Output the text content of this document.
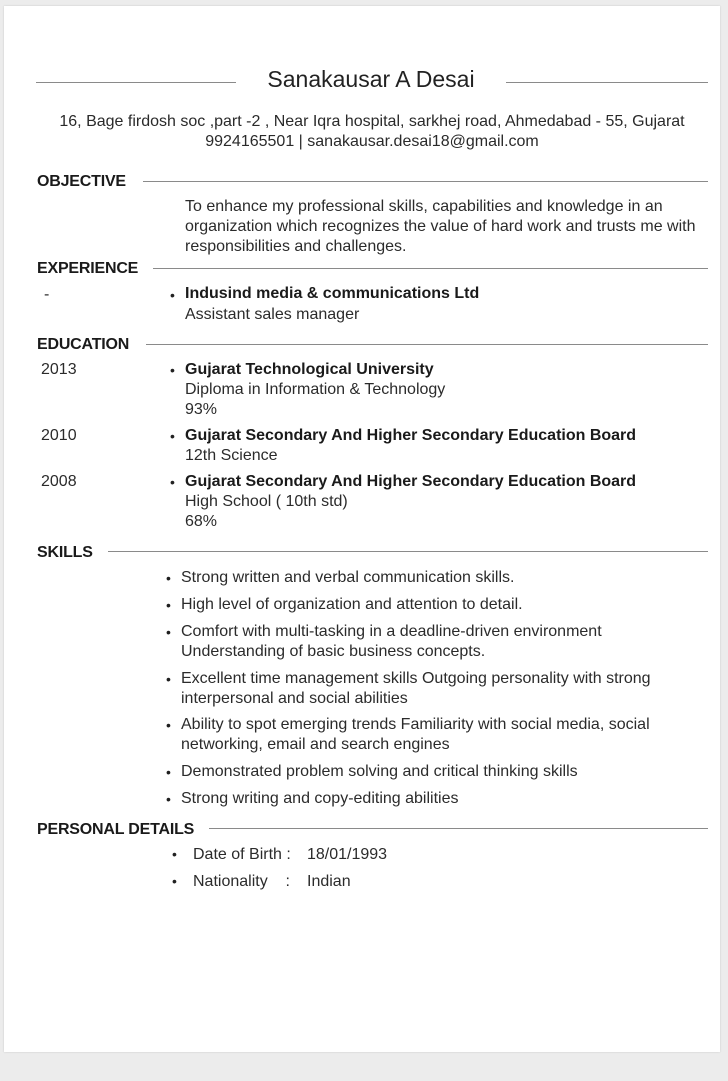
Sanakausar A Desai
16, Bage firdosh soc ,part -2 , Near Iqra hospital, sarkhej road, Ahmedabad - 55, Gujarat
9924165501 | sanakausar.desai18@gmail.com
OBJECTIVE
To enhance my professional skills, capabilities and knowledge in an organization which recognizes the value of hard work and trusts me with responsibilities and challenges.
EXPERIENCE
-	• Indusind media & communications Ltd
Assistant sales manager
EDUCATION
2013	• Gujarat Technological University
Diploma in Information & Technology
93%
2010	• Gujarat Secondary And Higher Secondary Education Board
12th Science
2008	• Gujarat Secondary And Higher Secondary Education Board
High School ( 10th std)
68%
SKILLS
• Strong written and verbal communication skills.
• High level of organization and attention to detail.
• Comfort with multi-tasking in a deadline-driven environment Understanding of basic business concepts.
• Excellent time management skills Outgoing personality with strong interpersonal and social abilities
• Ability to spot emerging trends Familiarity with social media, social networking, email and search engines
• Demonstrated problem solving and critical thinking skills
• Strong writing and copy-editing abilities
PERSONAL DETAILS
• Date of Birth : 18/01/1993
• Nationality    : Indian
